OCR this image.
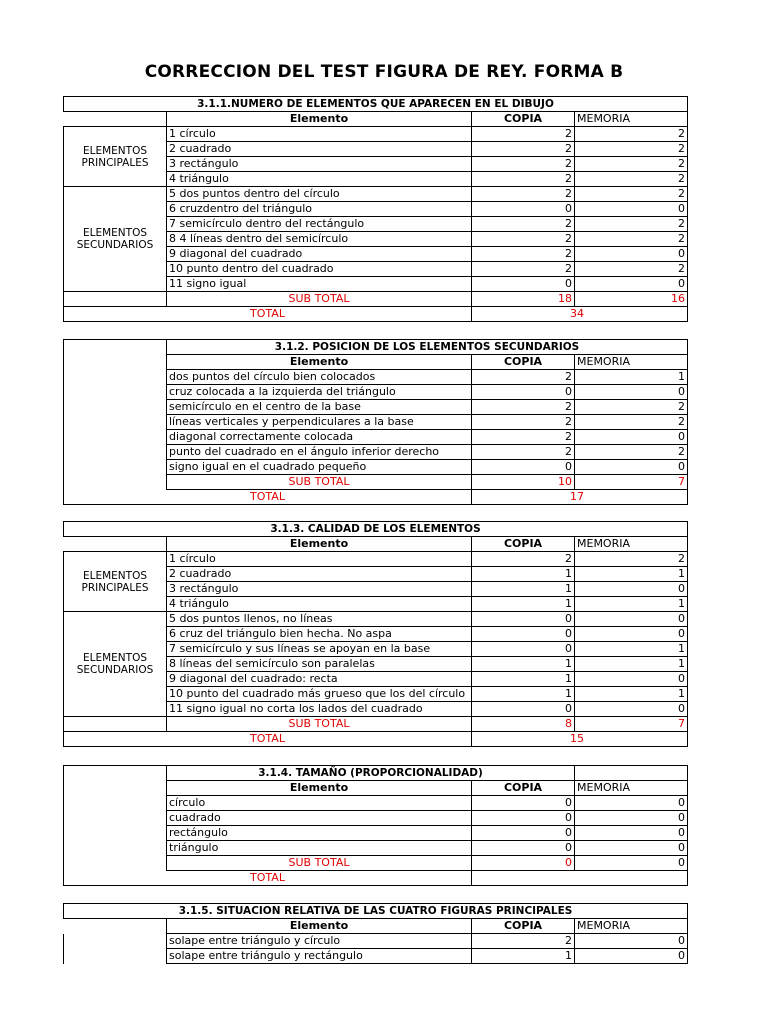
CORRECCION DEL TEST FIGURA DE REY. FORMA B
3.1.1.NUMERO DE ELEMENTOS QUE APARECEN EN EL DIBUJO			
	Elemento	COPIA	MEMORIA
ELEMENTOS PRINCIPALES	1 círculo	2	2
	2 cuadrado	2	2
	3 rectángulo	2	2
	4 triángulo	2	2
ELEMENTOS SECUNDARIOS	5 dos puntos dentro del círculo	2	2
	6 cruzdentro del triángulo	0	0
	7 semicírculo dentro del rectángulo	2	2
	8 4 líneas dentro del semicírculo	2	2
	9 diagonal del cuadrado	2	0
	10 punto dentro del cuadrado	2	2
	11 signo igual	0	0
	SUB TOTAL	18	16
TOTAL		34	
	3.1.2. POSICION DE LOS ELEMENTOS SECUNDARIOS		
	Elemento	COPIA	MEMORIA
	dos puntos del círculo bien colocados	2	1
	cruz colocada a la izquierda del triángulo	0	0
	semicírculo en el centro de la base	2	2
	líneas verticales y perpendiculares a la base	2	2
	diagonal correctamente colocada	2	0
	punto del cuadrado en el ángulo inferior derecho	2	2
	signo igual en el cuadrado pequeño	0	0
	SUB TOTAL	10	7
TOTAL		17	
3.1.3. CALIDAD DE LOS ELEMENTOS			
	Elemento	COPIA	MEMORIA
ELEMENTOS PRINCIPALES	1 círculo	2	2
	2 cuadrado	1	1
	3 rectángulo	1	0
	4 triángulo	1	1
ELEMENTOS SECUNDARIOS	5 dos puntos llenos, no líneas	0	0
	6 cruz del triángulo bien hecha. No aspa	0	0
	7 semicírculo y sus líneas se apoyan en la base	0	1
	8 líneas del semicírculo son paralelas	1	1
	9 diagonal del cuadrado: recta	1	0
	10 punto del cuadrado más grueso que los del círculo	1	1
	11 signo igual no corta los lados del cuadrado	0	0
	SUB TOTAL	8	7
TOTAL		15	
	3.1.4. TAMAÑO (PROPORCIONALIDAD)		
	Elemento	COPIA	MEMORIA
	círculo	0	0
	cuadrado	0	0
	rectángulo	0	0
	triángulo	0	0
	SUB TOTAL	0	0
TOTAL			
3.1.5. SITUACION RELATIVA DE LAS CUATRO FIGURAS PRINCIPALES			
	Elemento	COPIA	MEMORIA
	solape entre triángulo y círculo	2	0
	solape entre triángulo y rectángulo	1	0
